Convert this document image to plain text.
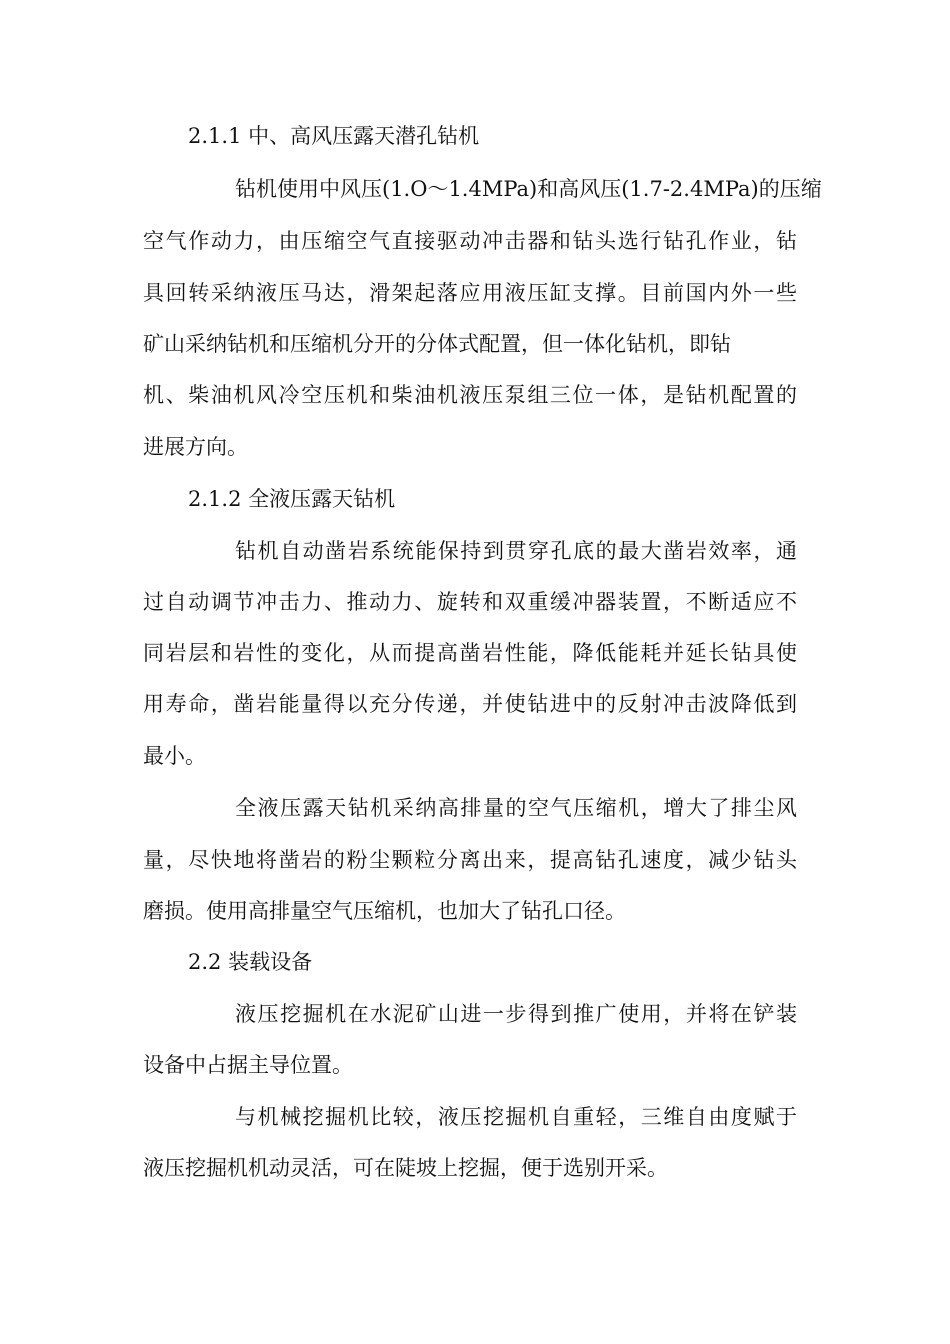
2.1.1 中、高风压露天潜孔钻机
钻机使用中风压(1.O～1.4MPa)和高风压(1.7-2.4MPa)的压缩
空气作动力，由压缩空气直接驱动冲击器和钻头选行钻孔作业，钻
具回转采纳液压马达，滑架起落应用液压缸支撑。目前国内外一些
矿山采纳钻机和压缩机分开的分体式配置，但一体化钻机，即钻
机、柴油机风冷空压机和柴油机液压泵组三位一体，是钻机配置的
进展方向。
2.1.2 全液压露天钻机
钻机自动凿岩系统能保持到贯穿孔底的最大凿岩效率，通
过自动调节冲击力、推动力、旋转和双重缓冲器装置，不断适应不
同岩层和岩性的变化，从而提高凿岩性能，降低能耗并延长钻具使
用寿命，凿岩能量得以充分传递，并使钻进中的反射冲击波降低到
最小。
全液压露天钻机采纳高排量的空气压缩机，增大了排尘风
量，尽快地将凿岩的粉尘颗粒分离出来，提高钻孔速度，减少钻头
磨损。使用高排量空气压缩机，也加大了钻孔口径。
2.2 装载设备
液压挖掘机在水泥矿山进一步得到推广使用，并将在铲装
设备中占据主导位置。
与机械挖掘机比较，液压挖掘机自重轻，三维自由度赋于
液压挖掘机机动灵活，可在陡坡上挖掘，便于选别开采。
